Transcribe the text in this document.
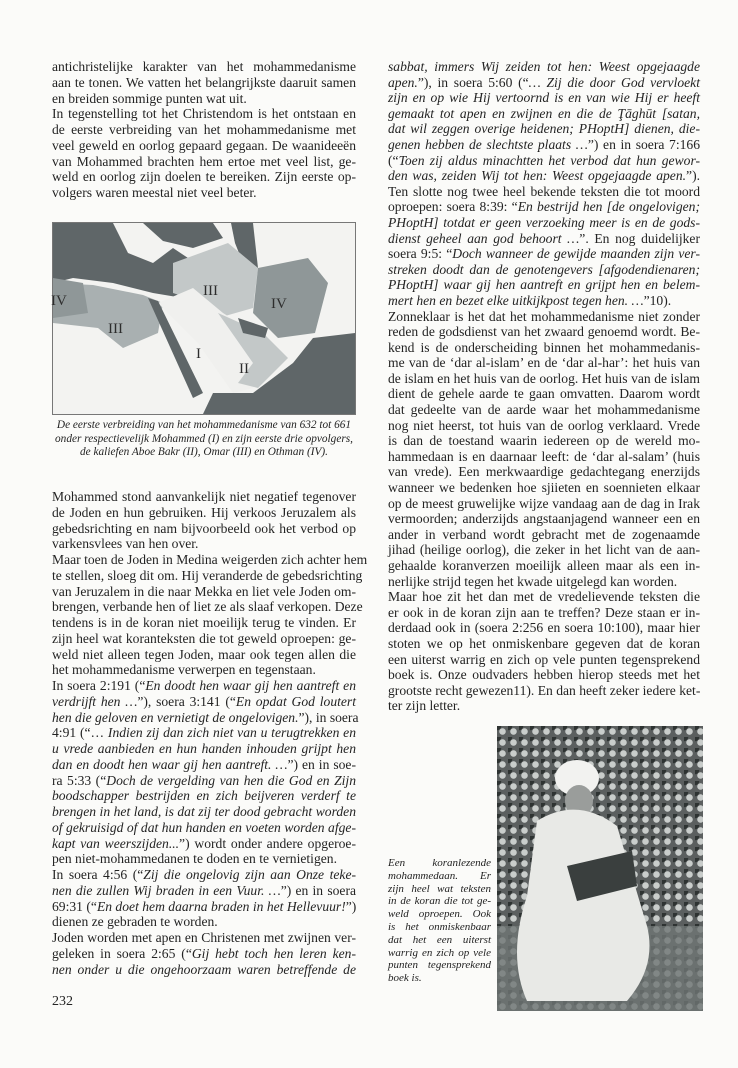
antichristelijke karakter van het mohammedanisme
aan te tonen. We vatten het belangrijkste daaruit samen
en breiden sommige punten wat uit.
In tegenstelling tot het Christendom is het ontstaan en
de eerste verbreiding van het mohammedanisme met
veel geweld en oorlog gepaard gegaan. De waanideeën
van Mohammed brachten hem ertoe met veel list, ge-
weld en oorlog zijn doelen te bereiken. Zijn eerste op-
volgers waren meestal niet veel beter.
IV
III
III
IV
I
II
De eerste verbreiding van het mohammedanisme van 632 tot 661
onder respectievelijk Mohammed (I) en zijn eerste drie opvolgers,
de kaliefen Aboe Bakr (II), Omar (III) en Othman (IV).
Mohammed stond aanvankelijk niet negatief tegenover
de Joden en hun gebruiken. Hij verkoos Jeruzalem als
gebedsrichting en nam bijvoorbeeld ook het verbod op
varkensvlees van hen over.
Maar toen de Joden in Medina weigerden zich achter hem
te stellen, sloeg dit om. Hij veranderde de gebedsrichting
van Jeruzalem in die naar Mekka en liet vele Joden om-
brengen, verbande hen of liet ze als slaaf verkopen. Deze
tendens is in de koran niet moeilijk terug te vinden. Er
zijn heel wat koranteksten die tot geweld oproepen: ge-
weld niet alleen tegen Joden, maar ook tegen allen die
het mohammedanisme verwerpen en tegenstaan.
In soera 2:191 (“En doodt hen waar gij hen aantreft en
verdrijft hen …”), soera 3:141 (“En opdat God loutert
hen die geloven en vernietigt de ongelovigen.”), in soera
4:91 (“… Indien zij dan zich niet van u terugtrekken en
u vrede aanbieden en hun handen inhouden grijpt hen
dan en doodt hen waar gij hen aantreft. …”) en in soe-
ra 5:33 (“Doch de vergelding van hen die God en Zijn
boodschapper bestrijden en zich beijveren verderf te
brengen in het land, is dat zij ter dood gebracht worden
of gekruisigd of dat hun handen en voeten worden afge-
kapt van weerszijden...”) wordt onder andere opgeroe-
pen niet-mohammedanen te doden en te vernietigen.
In soera 4:56 (“Zij die ongelovig zijn aan Onze teke-
nen die zullen Wij braden in een Vuur. …”) en in soera
69:31 (“En doet hem daarna braden in het Hellevuur!”)
dienen ze gebraden te worden.
Joden worden met apen en Christenen met zwijnen ver-
geleken in soera 2:65 (“Gij hebt toch hen leren ken-
nen onder u die ongehoorzaam waren betreffende de
sabbat, immers Wij zeiden tot hen: Weest opgejaagde
apen.”), in soera 5:60 (“… Zij die door God vervloekt
zijn en op wie Hij vertoornd is en van wie Hij er heeft
gemaakt tot apen en zwijnen en die de Ţāghūt [satan,
dat wil zeggen overige heidenen; PHoptH] dienen, die-
genen hebben de slechtste plaats …”) en in soera 7:166
(“Toen zij aldus minachtten het verbod dat hun gewor-
den was, zeiden Wij tot hen: Weest opgejaagde apen.”).
Ten slotte nog twee heel bekende teksten die tot moord
oproepen: soera 8:39: “En bestrijd hen [de ongelovigen;
PHoptH] totdat er geen verzoeking meer is en de gods-
dienst geheel aan god behoort …”. En nog duidelijker
soera 9:5: “Doch wanneer de gewijde maanden zijn ver-
streken doodt dan de genotengevers [afgodendienaren;
PHoptH] waar gij hen aantreft en grijpt hen en belem-
mert hen en bezet elke uitkijkpost tegen hen. …”10).
Zonneklaar is het dat het mohammedanisme niet zonder
reden de godsdienst van het zwaard genoemd wordt. Be-
kend is de onderscheiding binnen het mohammedanis-
me van de ‘dar al-islam’ en de ‘dar al-har’: het huis van
de islam en het huis van de oorlog. Het huis van de islam
dient de gehele aarde te gaan omvatten. Daarom wordt
dat gedeelte van de aarde waar het mohammedanisme
nog niet heerst, tot huis van de oorlog verklaard. Vrede
is dan de toestand waarin iedereen op de wereld mo-
hammedaan is en daarnaar leeft: de ‘dar al-salam’ (huis
van vrede). Een merkwaardige gedachtegang enerzijds
wanneer we bedenken hoe sjiieten en soennieten elkaar
op de meest gruwelijke wijze vandaag aan de dag in Irak
vermoorden; anderzijds angstaanjagend wanneer een en
ander in verband wordt gebracht met de zogenaamde
jihad (heilige oorlog), die zeker in het licht van de aan-
gehaalde koranverzen moeilijk alleen maar als een in-
nerlijke strijd tegen het kwade uitgelegd kan worden.
Maar hoe zit het dan met de vredelievende teksten die
er ook in de koran zijn aan te treffen? Deze staan er in-
derdaad ook in (soera 2:256 en soera 10:100), maar hier
stoten we op het onmiskenbare gegeven dat de koran
een uiterst warrig en zich op vele punten tegensprekend
boek is. Onze oudvaders hebben hierop steeds met het
grootste recht gewezen11). En dan heeft zeker iedere ket-
ter zijn letter.
Een koranlezende
mohammedaan. Er
zijn heel wat teksten
in de koran die tot ge-
weld oproepen. Ook
is het onmiskenbaar
dat het een uiterst
warrig en zich op vele
punten tegensprekend
boek is.
232
